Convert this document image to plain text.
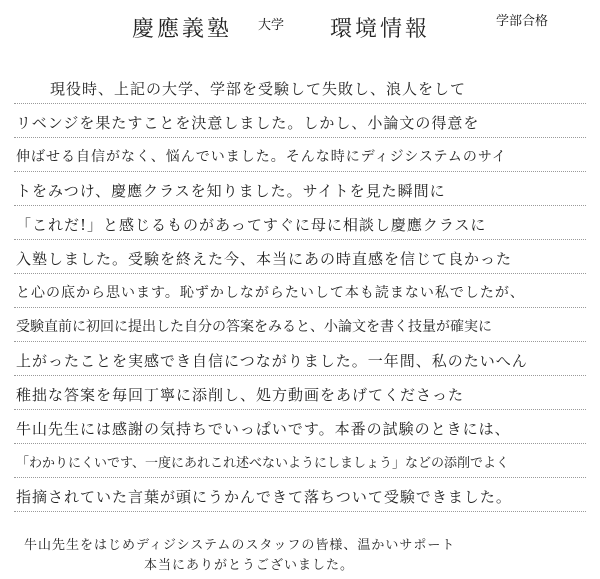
慶應義塾 大学 環境情報	学部合格
現役時、上記の大学、学部を受験して失敗し、浪人をして
リベンジを果たすことを決意しました。しかし、小論文の得意を
伸ばせる自信がなく、悩んでいました。そんな時にディジシステムのサイ
トをみつけ、慶應クラスを知りました。サイトを見た瞬間に
「これだ!」と感じるものがあってすぐに母に相談し慶應クラスに
入塾しました。受験を終えた今、本当にあの時直感を信じて良かった
と心の底から思います。恥ずかしながらたいして本も読まない私でしたが、
受験直前に初回に提出した自分の答案をみると、小論文を書く技量が確実に
上がったことを実感でき自信につながりました。一年間、私のたいへん
稚拙な答案を毎回丁寧に添削し、処方動画をあげてくださった
牛山先生には感謝の気持ちでいっぱいです。本番の試験のときには、
「わかりにくいです、一度にあれこれ述べないようにしましょう」などの添削でよく
指摘されていた言葉が頭にうかんできて落ちついて受験できました。
牛山先生をはじめディジシステムのスタッフの皆様、温かいサポート
本当にありがとうございました。
